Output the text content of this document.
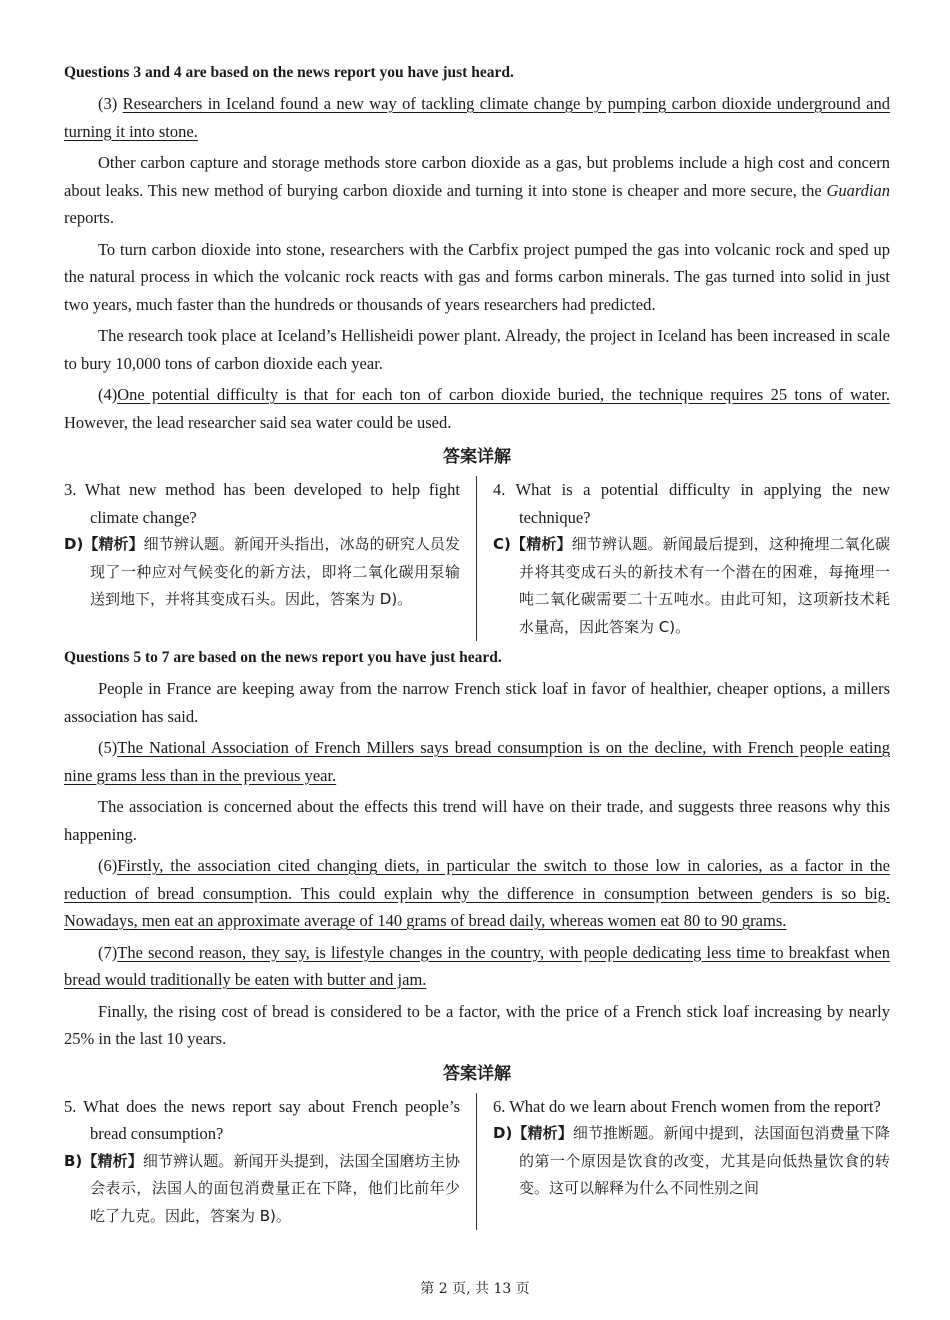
Questions 3 and 4 are based on the news report you have just heard.

(3) Researchers in Iceland found a new way of tackling climate change by pumping carbon dioxide underground and turning it into stone.

Other carbon capture and storage methods store carbon dioxide as a gas, but problems include a high cost and concern about leaks. This new method of burying carbon dioxide and turning it into stone is cheaper and more secure, the Guardian reports.

To turn carbon dioxide into stone, researchers with the Carbfix project pumped the gas into volcanic rock and sped up the natural process in which the volcanic rock reacts with gas and forms carbon minerals. The gas turned into solid in just two years, much faster than the hundreds or thousands of years researchers had predicted.

The research took place at Iceland’s Hellisheidi power plant. Already, the project in Iceland has been increased in scale to bury 10,000 tons of carbon dioxide each year.

(4)One potential difficulty is that for each ton of carbon dioxide buried, the technique requires 25 tons of water. However, the lead researcher said sea water could be used.

答案详解
3. What new method has been developed to help fight climate change?
D)【精析】细节辨认题。新闻开头指出，冰岛的研究人员发现了一种应对气候变化的新方法，即将二氧化碳用泵输送到地下，并将其变成石头。因此，答案为 D)。
4. What is a potential difficulty in applying the new technique?
C)【精析】细节辨认题。新闻最后提到，这种掩埋二氧化碳并将其变成石头的新技术有一个潜在的困难，每掩埋一吨二氧化碳需要二十五吨水。由此可知，这项新技术耗水量高，因此答案为 C)。
Questions 5 to 7 are based on the news report you have just heard.

People in France are keeping away from the narrow French stick loaf in favor of healthier, cheaper options, a millers association has said.

(5)The National Association of French Millers says bread consumption is on the decline, with French people eating nine grams less than in the previous year.

The association is concerned about the effects this trend will have on their trade, and suggests three reasons why this happening.

(6)Firstly, the association cited changing diets, in particular the switch to those low in calories, as a factor in the reduction of bread consumption. This could explain why the difference in consumption between genders is so big. Nowadays, men eat an approximate average of 140 grams of bread daily, whereas women eat 80 to 90 grams.

(7)The second reason, they say, is lifestyle changes in the country, with people dedicating less time to breakfast when bread would traditionally be eaten with butter and jam.

Finally, the rising cost of bread is considered to be a factor, with the price of a French stick loaf increasing by nearly 25% in the last 10 years.

答案详解
5. What does the news report say about French people’s bread consumption?
B)【精析】细节辨认题。新闻开头提到，法国全国磨坊主协会表示，法国人的面包消费量正在下降，他们比前年少吃了九克。因此，答案为 B)。
6. What do we learn about French women from the report?
D)【精析】细节推断题。新闻中提到，法国面包消费量下降的第一个原因是饮食的改变，尤其是向低热量饮食的转变。这可以解释为什么不同性别之间
第 2 页, 共 13 页
